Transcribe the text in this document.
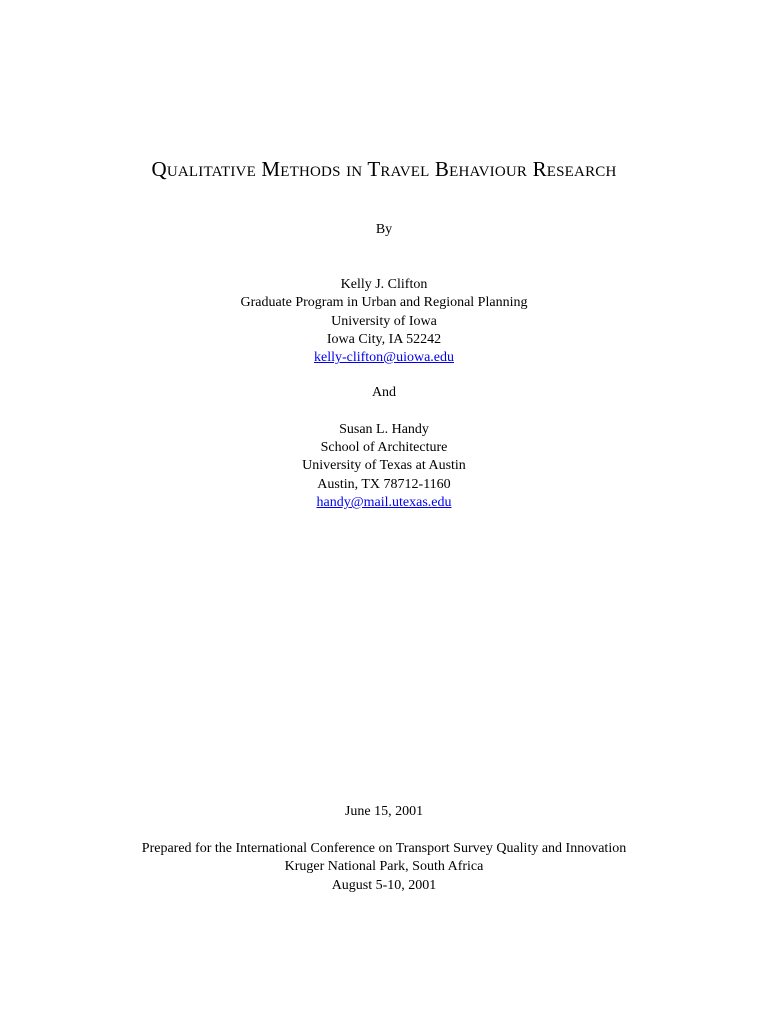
Qualitative Methods in Travel Behaviour Research
By
Kelly J. Clifton
Graduate Program in Urban and Regional Planning
University of Iowa
Iowa City, IA 52242
kelly-clifton@uiowa.edu
And
Susan L. Handy
School of Architecture
University of Texas at Austin
Austin, TX 78712-1160
handy@mail.utexas.edu
June 15, 2001
Prepared for the International Conference on Transport Survey Quality and Innovation
Kruger National Park, South Africa
August 5-10, 2001
